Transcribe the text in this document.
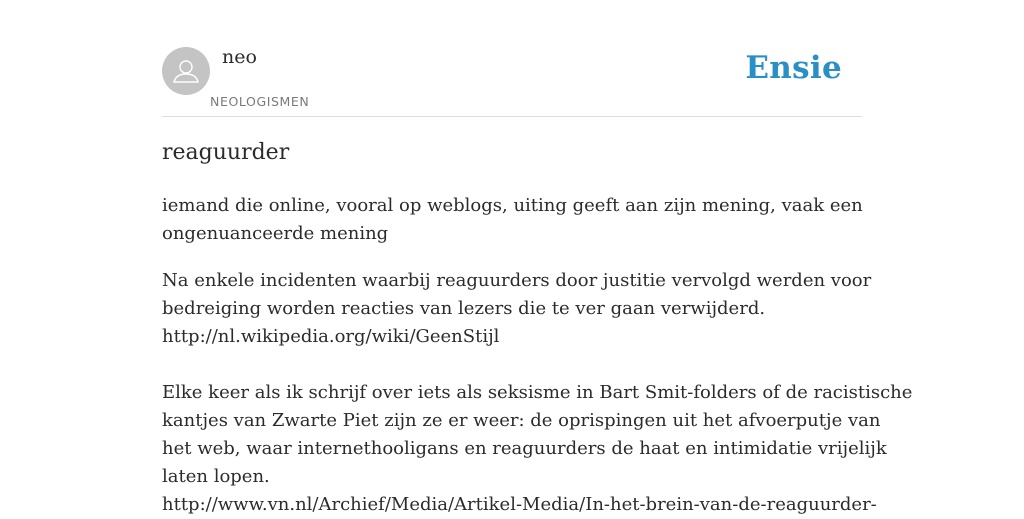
neo
NEOLOGISMEN
Ensie
reaguurder
iemand die online, vooral op weblogs, uiting geeft aan zijn mening, vaak een
ongenuanceerde mening
Na enkele incidenten waarbij reaguurders door justitie vervolgd werden voor
bedreiging worden reacties van lezers die te ver gaan verwijderd.
http://nl.wikipedia.org/wiki/GeenStijl
Elke keer als ik schrijf over iets als seksisme in Bart Smit-folders of de racistische
kantjes van Zwarte Piet zijn ze er weer: de oprispingen uit het afvoerputje van
het web, waar internethooligans en reaguurders de haat en intimidatie vrijelijk
laten lopen.
http://www.vn.nl/Archief/Media/Artikel-Media/In-het-brein-van-de-reaguurder-
